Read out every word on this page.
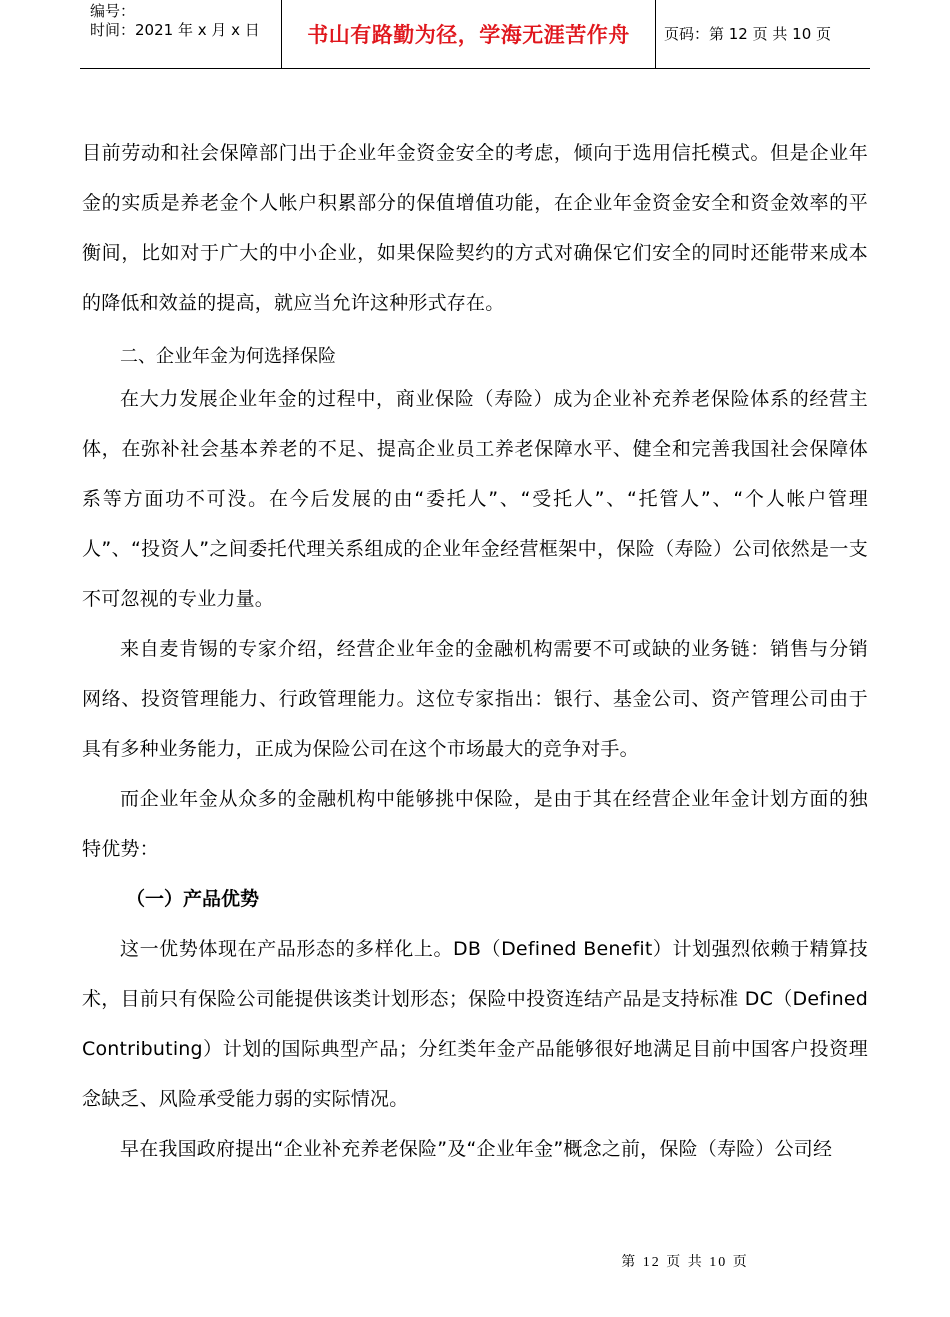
编号：
时间：2021 年 x 月 x 日	书山有路勤为径，学海无涯苦作舟	页码：第 12 页 共 10 页

目前劳动和社会保障部门出于企业年金资金安全的考虑，倾向于选用信托模式。但是企业年金的实质是养老金个人帐户积累部分的保值增值功能，在企业年金资金安全和资金效率的平衡间，比如对于广大的中小企业，如果保险契约的方式对确保它们安全的同时还能带来成本的降低和效益的提高，就应当允许这种形式存在。

二、企业年金为何选择保险

在大力发展企业年金的过程中，商业保险（寿险）成为企业补充养老保险体系的经营主体，在弥补社会基本养老的不足、提高企业员工养老保障水平、健全和完善我国社会保障体系等方面功不可没。在今后发展的由“委托人”、“受托人”、“托管人”、“个人帐户管理人”、“投资人”之间委托代理关系组成的企业年金经营框架中，保险（寿险）公司依然是一支不可忽视的专业力量。

来自麦肯锡的专家介绍，经营企业年金的金融机构需要不可或缺的业务链：销售与分销网络、投资管理能力、行政管理能力。这位专家指出：银行、基金公司、资产管理公司由于具有多种业务能力，正成为保险公司在这个市场最大的竞争对手。

而企业年金从众多的金融机构中能够挑中保险，是由于其在经营企业年金计划方面的独特优势：

（一）产品优势

这一优势体现在产品形态的多样化上。DB（Defined Benefit）计划强烈依赖于精算技术，目前只有保险公司能提供该类计划形态；保险中投资连结产品是支持标准 DC（Defined Contributing）计划的国际典型产品；分红类年金产品能够很好地满足目前中国客户投资理念缺乏、风险承受能力弱的实际情况。

早在我国政府提出“企业补充养老保险”及“企业年金”概念之前，保险（寿险）公司经

第 12 页 共 10 页
